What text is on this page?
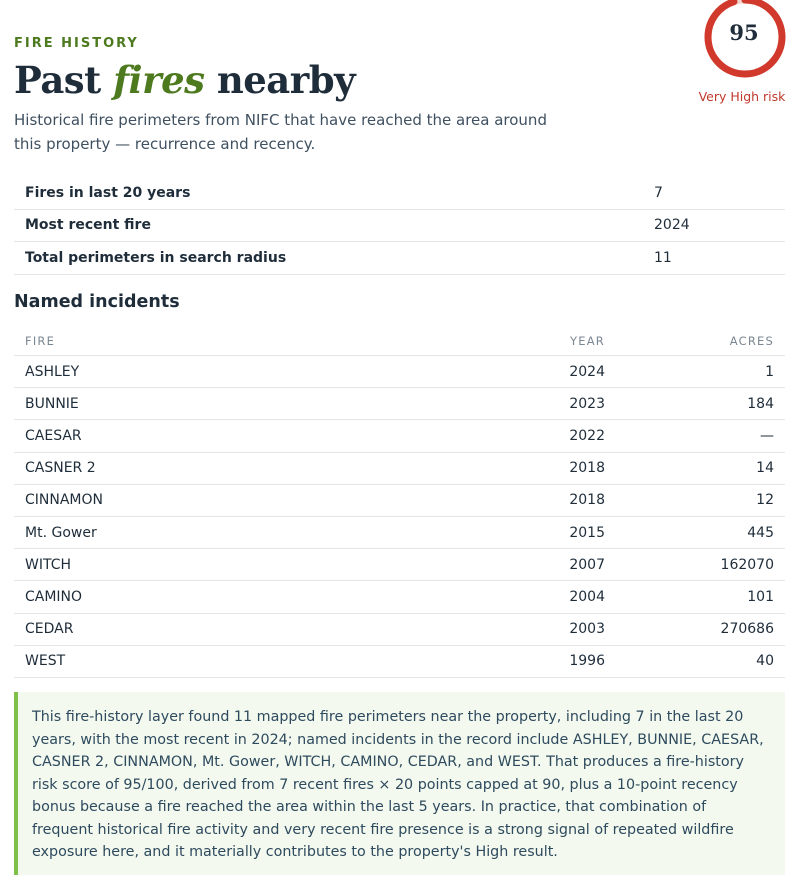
FIRE HISTORY
Past fires nearby

Historical fire perimeters from NIFC that have reached the area around this property — recurrence and recency.

95
Very High risk
Fires in last 20 years	7
Most recent fire	2024
Total perimeters in search radius	11
Named incidents
FIRE	YEAR	ACRES
ASHLEY	2024	1
BUNNIE	2023	184
CAESAR	2022	—
CASNER 2	2018	14
CINNAMON	2018	12
Mt. Gower	2015	445
WITCH	2007	162070
CAMINO	2004	101
CEDAR	2003	270686
WEST	1996	40
This fire-history layer found 11 mapped fire perimeters near the property, including 7 in the last 20 years, with the most recent in 2024; named incidents in the record include ASHLEY, BUNNIE, CAESAR, CASNER 2, CINNAMON, Mt. Gower, WITCH, CAMINO, CEDAR, and WEST. That produces a fire-history risk score of 95/100, derived from 7 recent fires × 20 points capped at 90, plus a 10-point recency bonus because a fire reached the area within the last 5 years. In practice, that combination of frequent historical fire activity and very recent fire presence is a strong signal of repeated wildfire exposure here, and it materially contributes to the property's High result.
